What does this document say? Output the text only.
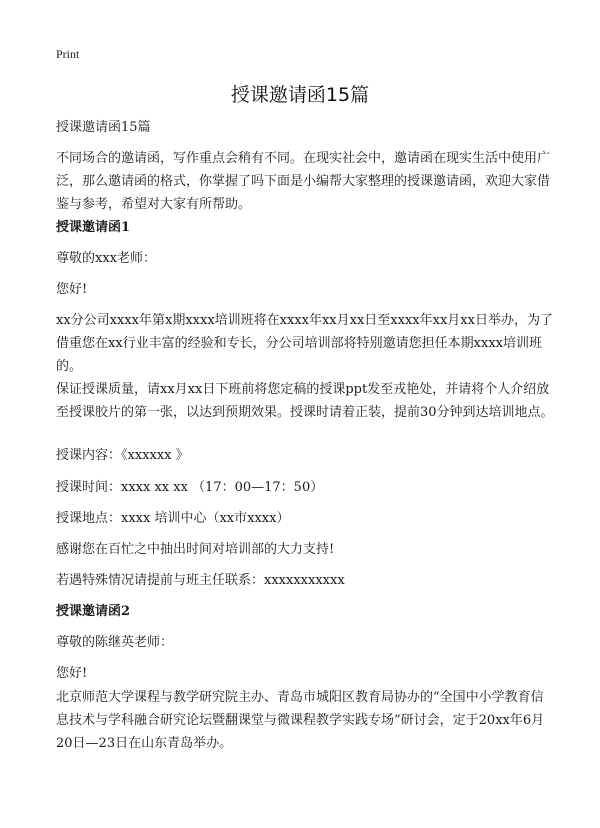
Print
授课邀请函15篇

授课邀请函15篇

不同场合的邀请函，写作重点会稍有不同。在现实社会中，邀请函在现实生活中使用广泛，那么邀请函的格式，你掌握了吗下面是小编帮大家整理的授课邀请函，欢迎大家借鉴与参考，希望对大家有所帮助。

授课邀请函1

尊敬的xxx老师：

您好!

xx分公司xxxx年第x期xxxx培训班将在xxxx年xx月xx日至xxxx年xx月xx日举办，为了借重您在xx行业丰富的经验和专长，分公司培训部将特别邀请您担任本期xxxx培训班的。

保证授课质量，请xx月xx日下班前将您定稿的授课ppt发至戎艳处，并请将个人介绍放至授课胶片的第一张，以达到预期效果。授课时请着正装，提前30分钟到达培训地点。

授课内容：《xxxxxx 》

授课时间：xxxx xx xx （17：00—17：50）

授课地点：xxxx 培训中心（xx市xxxx）

感谢您在百忙之中抽出时间对培训部的大力支持!

若遇特殊情况请提前与班主任联系：xxxxxxxxxxx

授课邀请函2

尊敬的陈继英老师：

您好!

北京师范大学课程与教学研究院主办、青岛市城阳区教育局协办的“全国中小学教育信息技术与学科融合研究论坛暨翻课堂与微课程教学实践专场”研讨会，定于20xx年6月20日—23日在山东青岛举办。
